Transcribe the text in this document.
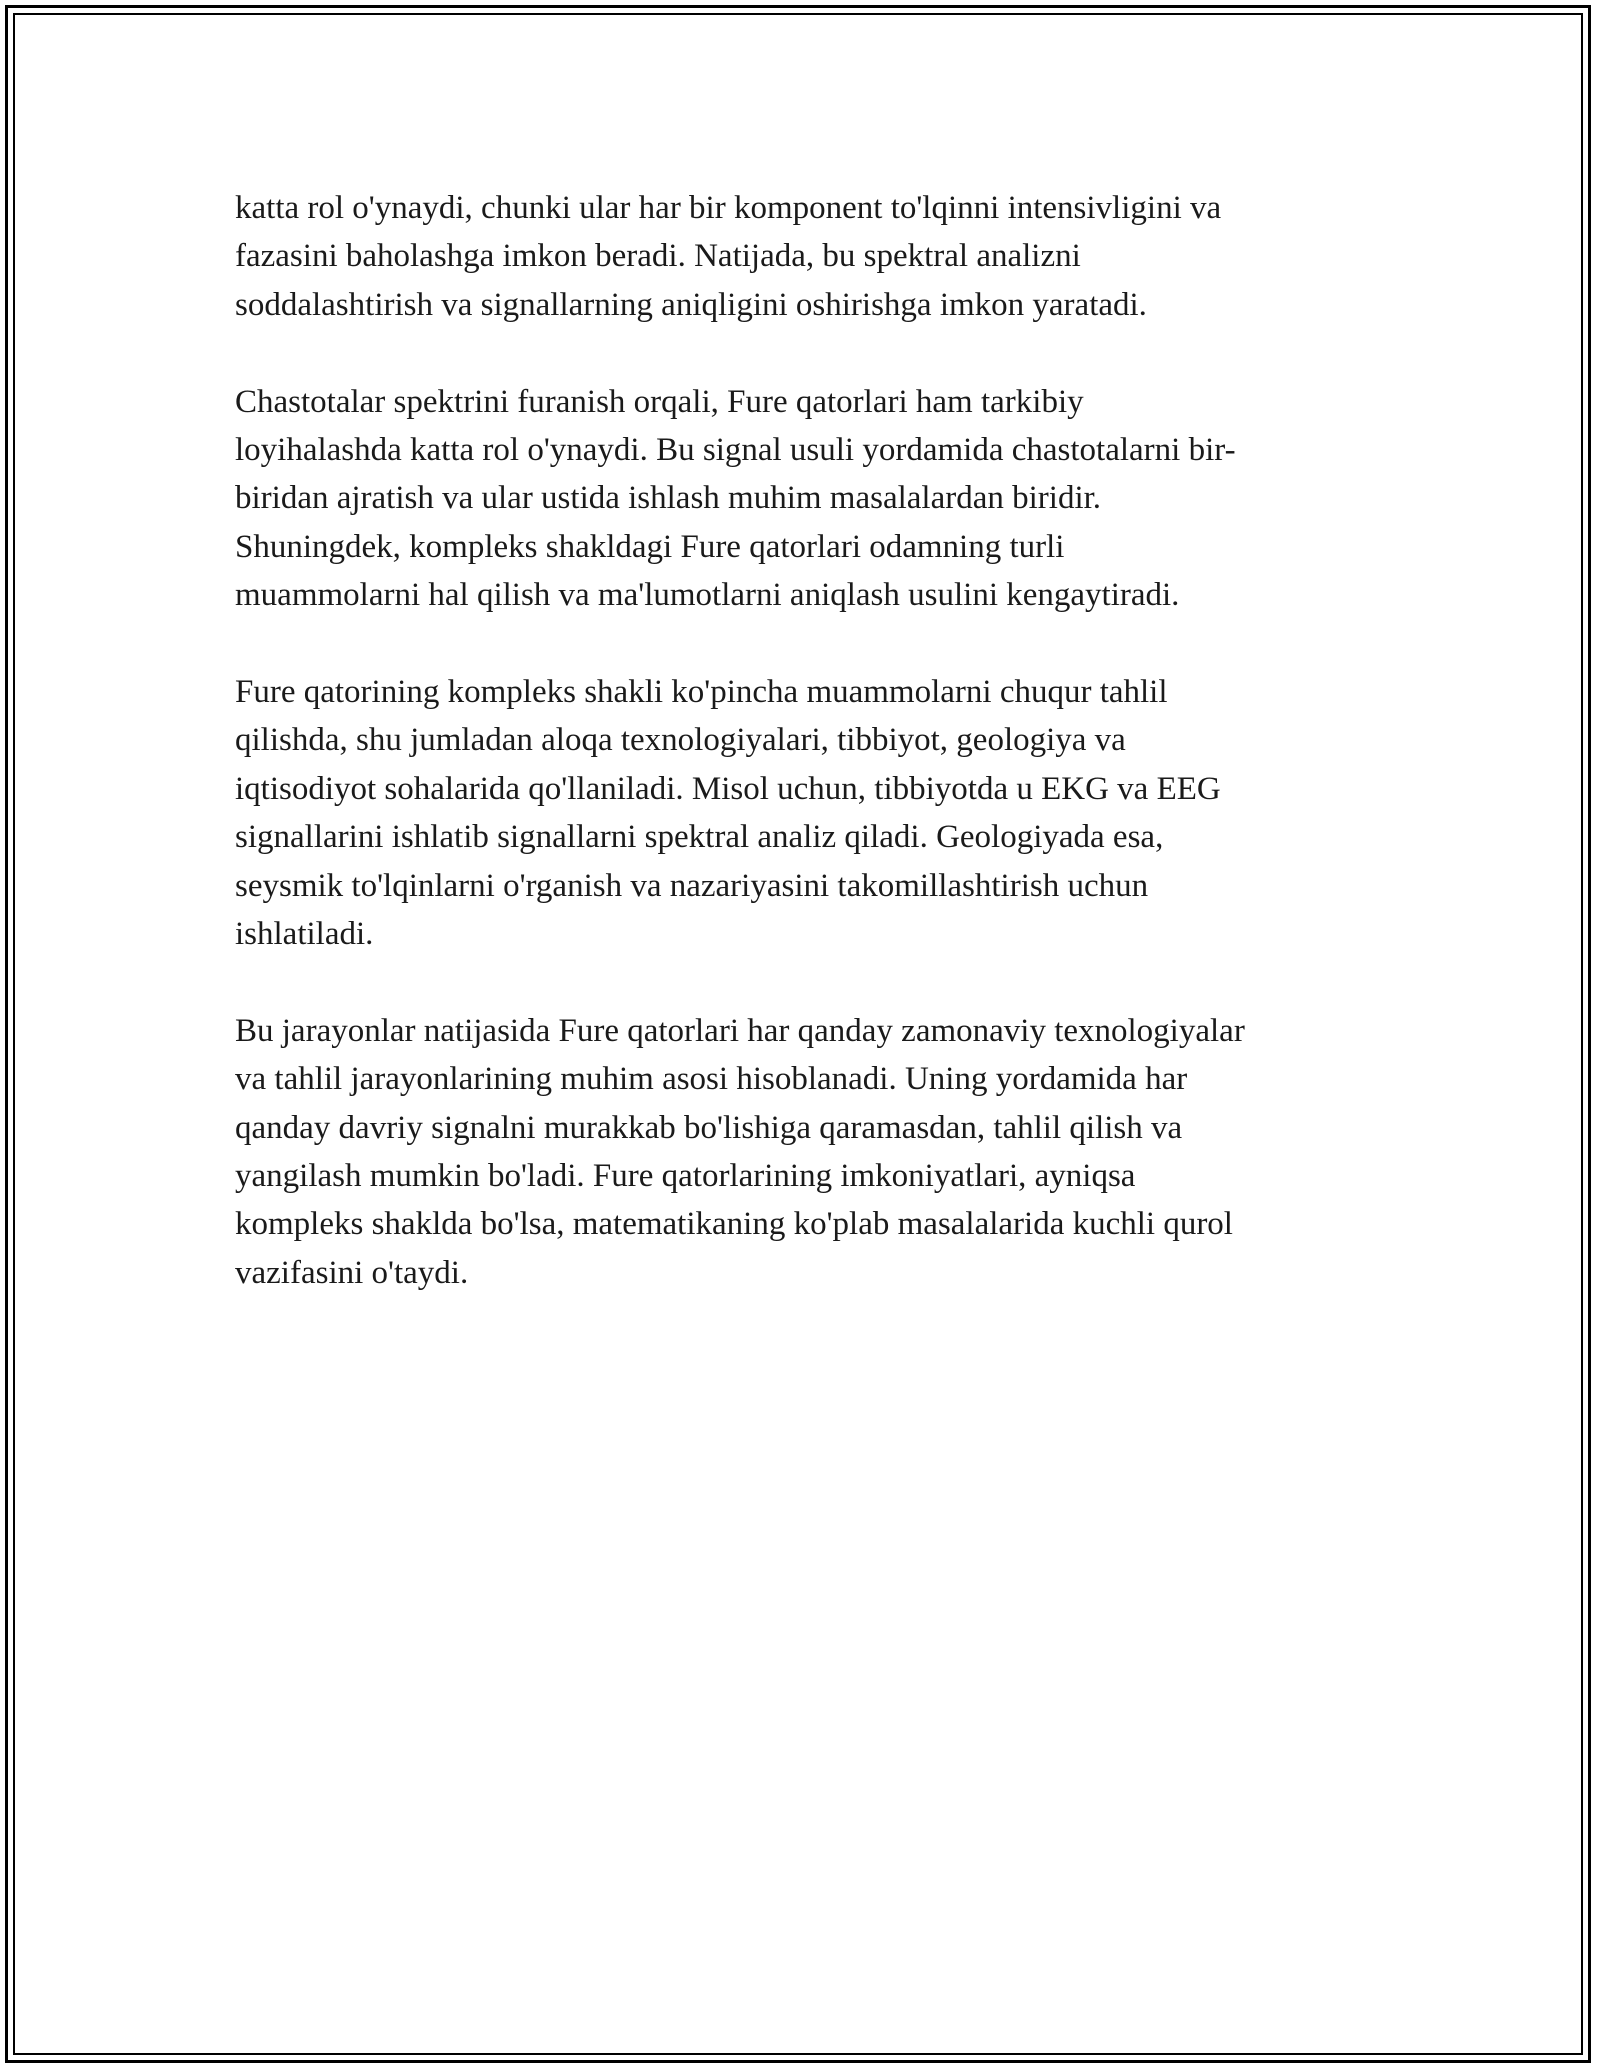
katta rol o'ynaydi, chunki ular har bir komponent to'lqinni intensivligini va
fazasini baholashga imkon beradi. Natijada, bu spektral analizni
soddalashtirish va signallarning aniqligini oshirishga imkon yaratadi.

Chastotalar spektrini furanish orqali, Fure qatorlari ham tarkibiy
loyihalashda katta rol o'ynaydi. Bu signal usuli yordamida chastotalarni bir-
biridan ajratish va ular ustida ishlash muhim masalalardan biridir.
Shuningdek, kompleks shakldagi Fure qatorlari odamning turli
muammolarni hal qilish va ma'lumotlarni aniqlash usulini kengaytiradi.

Fure qatorining kompleks shakli ko'pincha muammolarni chuqur tahlil
qilishda, shu jumladan aloqa texnologiyalari, tibbiyot, geologiya va
iqtisodiyot sohalarida qo'llaniladi. Misol uchun, tibbiyotda u EKG va EEG
signallarini ishlatib signallarni spektral analiz qiladi. Geologiyada esa,
seysmik to'lqinlarni o'rganish va nazariyasini takomillashtirish uchun
ishlatiladi.

Bu jarayonlar natijasida Fure qatorlari har qanday zamonaviy texnologiyalar
va tahlil jarayonlarining muhim asosi hisoblanadi. Uning yordamida har
qanday davriy signalni murakkab bo'lishiga qaramasdan, tahlil qilish va
yangilash mumkin bo'ladi. Fure qatorlarining imkoniyatlari, ayniqsa
kompleks shaklda bo'lsa, matematikaning ko'plab masalalarida kuchli qurol
vazifasini o'taydi.
